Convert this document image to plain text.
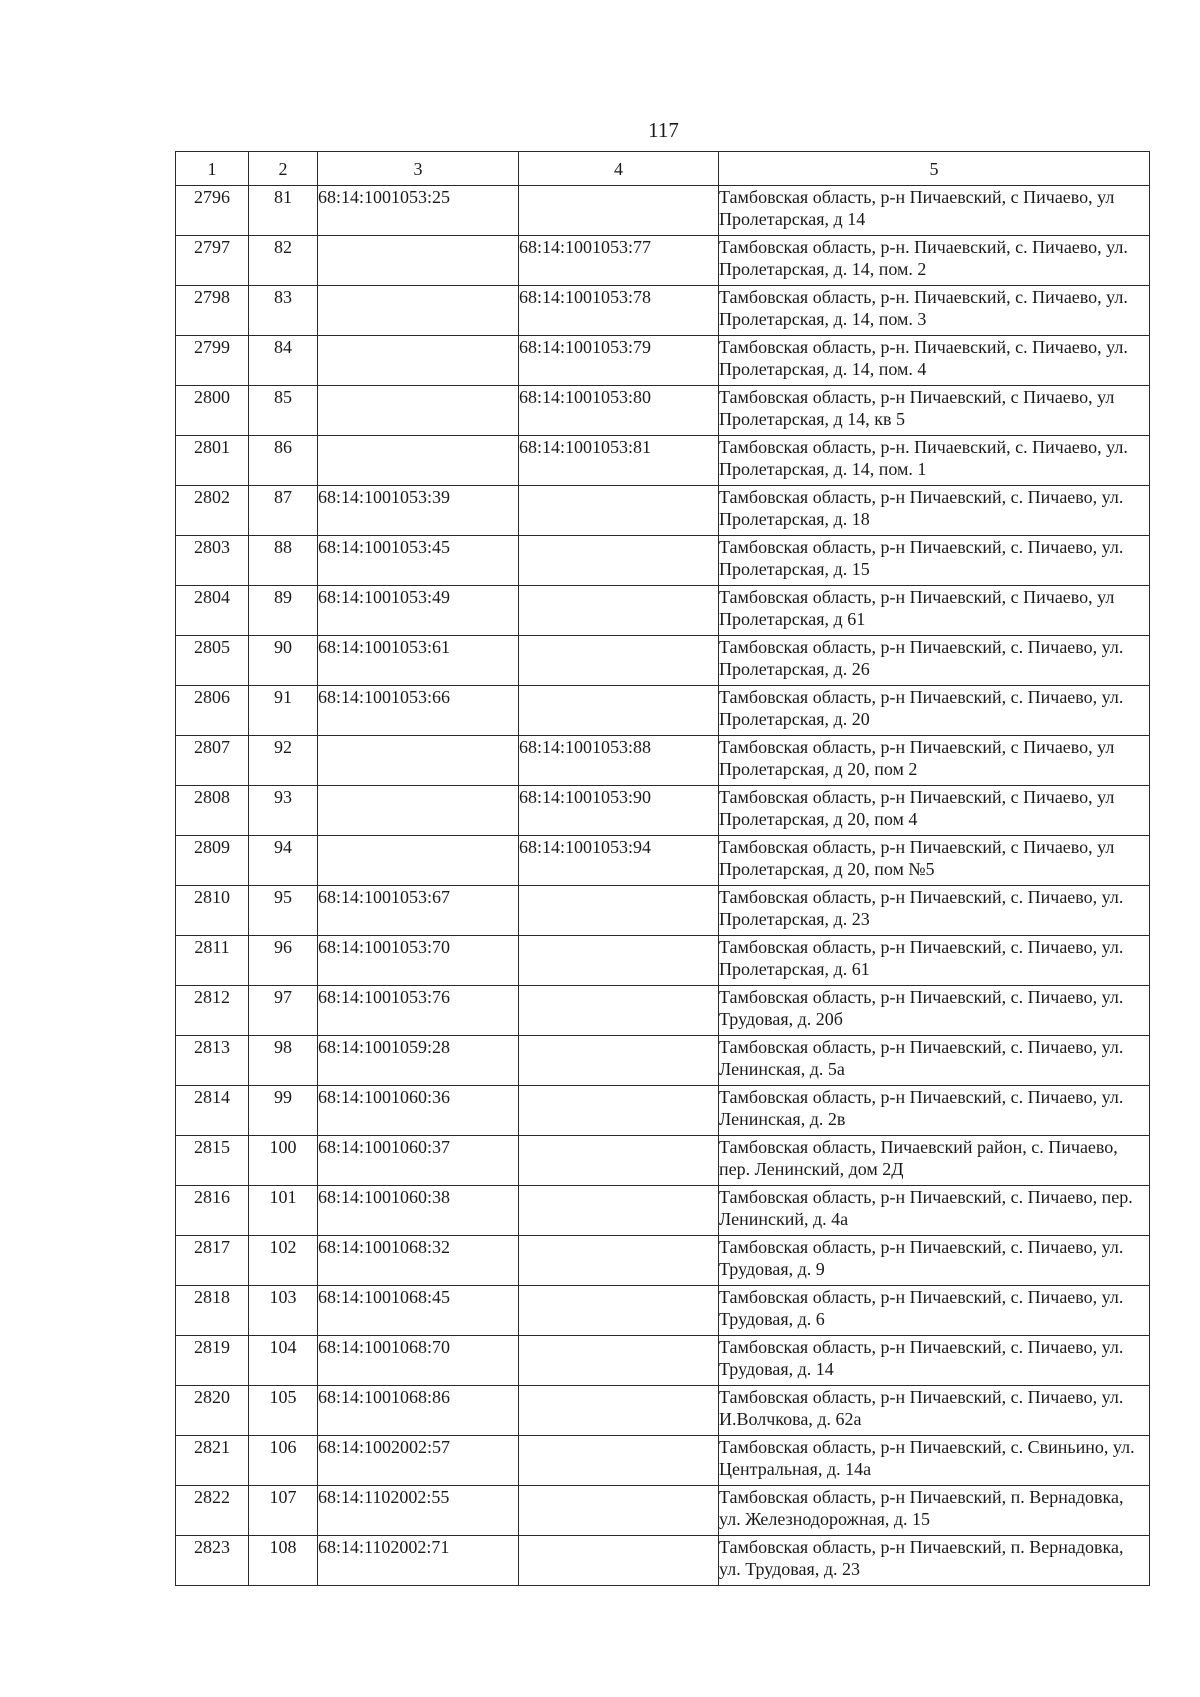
117
1	2	3	4	5
2796	81	68:14:1001053:25		Тамбовская область, р-н Пичаевский, с Пичаево, ул Пролетарская, д 14
2797	82		68:14:1001053:77	Тамбовская область, р-н. Пичаевский, с. Пичаево, ул. Пролетарская, д. 14, пом. 2
2798	83		68:14:1001053:78	Тамбовская область, р-н. Пичаевский, с. Пичаево, ул. Пролетарская, д. 14, пом. 3
2799	84		68:14:1001053:79	Тамбовская область, р-н. Пичаевский, с. Пичаево, ул. Пролетарская, д. 14, пом. 4
2800	85		68:14:1001053:80	Тамбовская область, р-н Пичаевский, с Пичаево, ул Пролетарская, д 14, кв 5
2801	86		68:14:1001053:81	Тамбовская область, р-н. Пичаевский, с. Пичаево, ул. Пролетарская, д. 14, пом. 1
2802	87	68:14:1001053:39		Тамбовская область, р-н Пичаевский, с. Пичаево, ул. Пролетарская, д. 18
2803	88	68:14:1001053:45		Тамбовская область, р-н Пичаевский, с. Пичаево, ул. Пролетарская, д. 15
2804	89	68:14:1001053:49		Тамбовская область, р-н Пичаевский, с Пичаево, ул Пролетарская, д 61
2805	90	68:14:1001053:61		Тамбовская область, р-н Пичаевский, с. Пичаево, ул. Пролетарская, д. 26
2806	91	68:14:1001053:66		Тамбовская область, р-н Пичаевский, с. Пичаево, ул. Пролетарская, д. 20
2807	92		68:14:1001053:88	Тамбовская область, р-н Пичаевский, с Пичаево, ул Пролетарская, д 20, пом 2
2808	93		68:14:1001053:90	Тамбовская область, р-н Пичаевский, с Пичаево, ул Пролетарская, д 20, пом 4
2809	94		68:14:1001053:94	Тамбовская область, р-н Пичаевский, с Пичаево, ул Пролетарская, д 20, пом №5
2810	95	68:14:1001053:67		Тамбовская область, р-н Пичаевский, с. Пичаево, ул. Пролетарская, д. 23
2811	96	68:14:1001053:70		Тамбовская область, р-н Пичаевский, с. Пичаево, ул. Пролетарская, д. 61
2812	97	68:14:1001053:76		Тамбовская область, р-н Пичаевский, с. Пичаево, ул. Трудовая, д. 20б
2813	98	68:14:1001059:28		Тамбовская область, р-н Пичаевский, с. Пичаево, ул. Ленинская, д. 5а
2814	99	68:14:1001060:36		Тамбовская область, р-н Пичаевский, с. Пичаево, ул. Ленинская, д. 2в
2815	100	68:14:1001060:37		Тамбовская область, Пичаевский район, с. Пичаево, пер. Ленинский, дом 2Д
2816	101	68:14:1001060:38		Тамбовская область, р-н Пичаевский, с. Пичаево, пер. Ленинский, д. 4а
2817	102	68:14:1001068:32		Тамбовская область, р-н Пичаевский, с. Пичаево, ул. Трудовая, д. 9
2818	103	68:14:1001068:45		Тамбовская область, р-н Пичаевский, с. Пичаево, ул. Трудовая, д. 6
2819	104	68:14:1001068:70		Тамбовская область, р-н Пичаевский, с. Пичаево, ул. Трудовая, д. 14
2820	105	68:14:1001068:86		Тамбовская область, р-н Пичаевский, с. Пичаево, ул. И.Волчкова, д. 62а
2821	106	68:14:1002002:57		Тамбовская область, р-н Пичаевский, с. Свиньино, ул. Центральная, д. 14а
2822	107	68:14:1102002:55		Тамбовская область, р-н Пичаевский, п. Вернадовка, ул. Железнодорожная, д. 15
2823	108	68:14:1102002:71		Тамбовская область, р-н Пичаевский, п. Вернадовка, ул. Трудовая, д. 23
